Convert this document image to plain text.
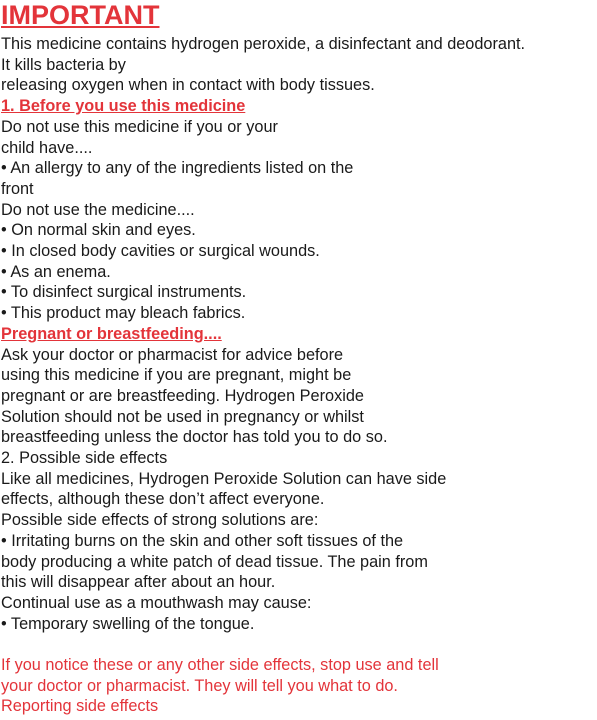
IMPORTANT
This medicine contains hydrogen peroxide, a disinfectant and deodorant.
It kills bacteria by
releasing oxygen when in contact with body tissues.
1. Before you use this medicine
Do not use this medicine if you or your
child have....
• An allergy to any of the ingredients listed on the
front
Do not use the medicine....
• On normal skin and eyes.
• In closed body cavities or surgical wounds.
• As an enema.
• To disinfect surgical instruments.
• This product may bleach fabrics.
Pregnant or breastfeeding....
Ask your doctor or pharmacist for advice before
using this medicine if you are pregnant, might be
pregnant or are breastfeeding. Hydrogen Peroxide
Solution should not be used in pregnancy or whilst
breastfeeding unless the doctor has told you to do so.
2. Possible side effects
Like all medicines, Hydrogen Peroxide Solution can have side
effects, although these don’t affect everyone.
Possible side effects of strong solutions are:
• Irritating burns on the skin and other soft tissues of the
body producing a white patch of dead tissue. The pain from
this will disappear after about an hour.
Continual use as a mouthwash may cause:
• Temporary swelling of the tongue.
If you notice these or any other side effects, stop use and tell
your doctor or pharmacist. They will tell you what to do.
Reporting side effects
